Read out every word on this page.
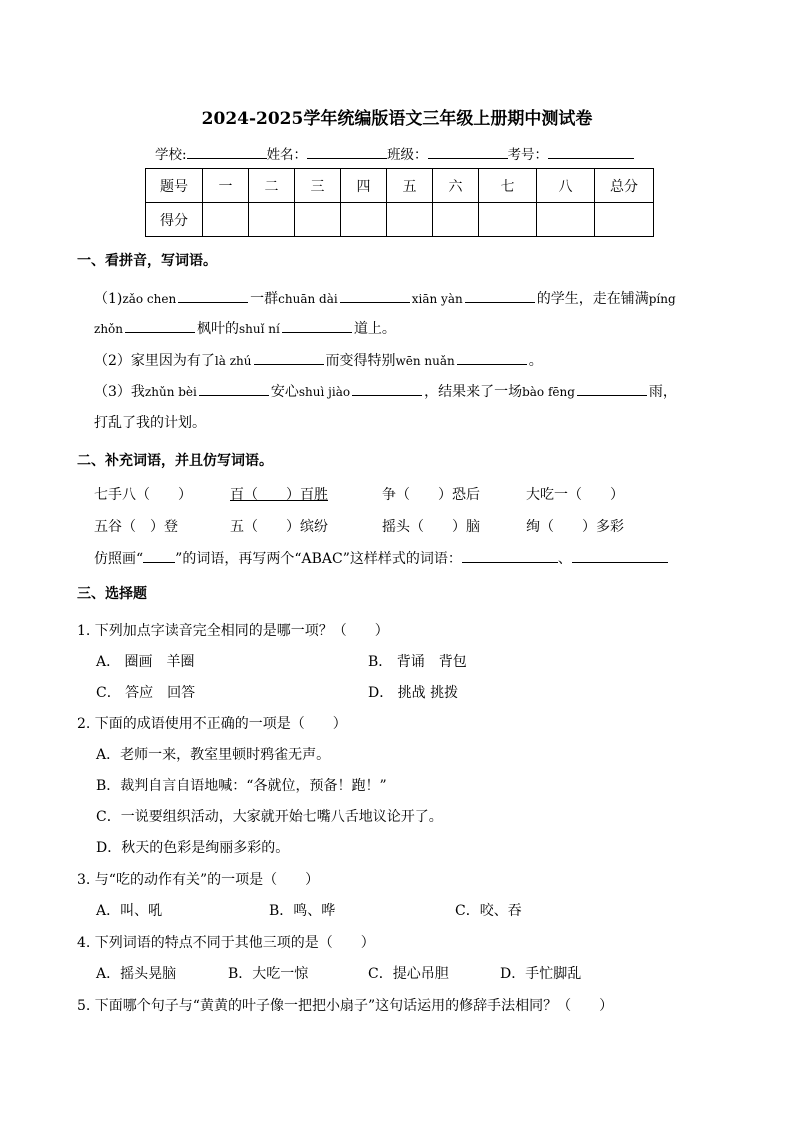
2024-2025学年统编版语文三年级上册期中测试卷
学校:	姓名：	班级：	考号：
题号	一	二	三	四	五	六	七	八	总分
得分									
一、看拼音，写词语。
（1)zǎo chen	一群chuān dài	xiān yàn	的学生，走在铺满píng
zhǒn	枫叶的shuǐ ní	道上。
（2）家里因为有了là zhú	而变得特别wēn nuǎn	。
（3）我zhǔn bèi	安心shuì jiào	，结果来了一场bào fēng	雨，
打乱了我的计划。
二、补充词语，并且仿写词语。
七手八（　　）	百（　　）百胜	争（　　）恐后	大吃一（　　）
五谷（　）登	五（　　）缤纷	摇头（　　）脑	绚（　　）多彩
仿照画“ ”的词语，再写两个“ABAC”这样样式的词语：	、
三、选择题
1. 下列加点字读音完全相同的是哪一项？（　　）
A． 圈画　羊圈	B． 背诵　背包
C． 答应　回答	D． 挑战 挑拨
2. 下面的成语使用不正确的一项是（　　）
A．老师一来，教室里顿时鸦雀无声。
B．裁判自言自语地喊：“各就位，预备！跑！”
C．一说要组织活动，大家就开始七嘴八舌地议论开了。
D．秋天的色彩是绚丽多彩的。
3. 与“吃的动作有关”的一项是（　　）
A．叫、吼	B．鸣、哗	C．咬、吞
4. 下列词语的特点不同于其他三项的是（　　）
A．摇头晃脑	B．大吃一惊	C．提心吊胆	D．手忙脚乱
5. 下面哪个句子与“黄黄的叶子像一把把小扇子”这句话运用的修辞手法相同？（　　）
